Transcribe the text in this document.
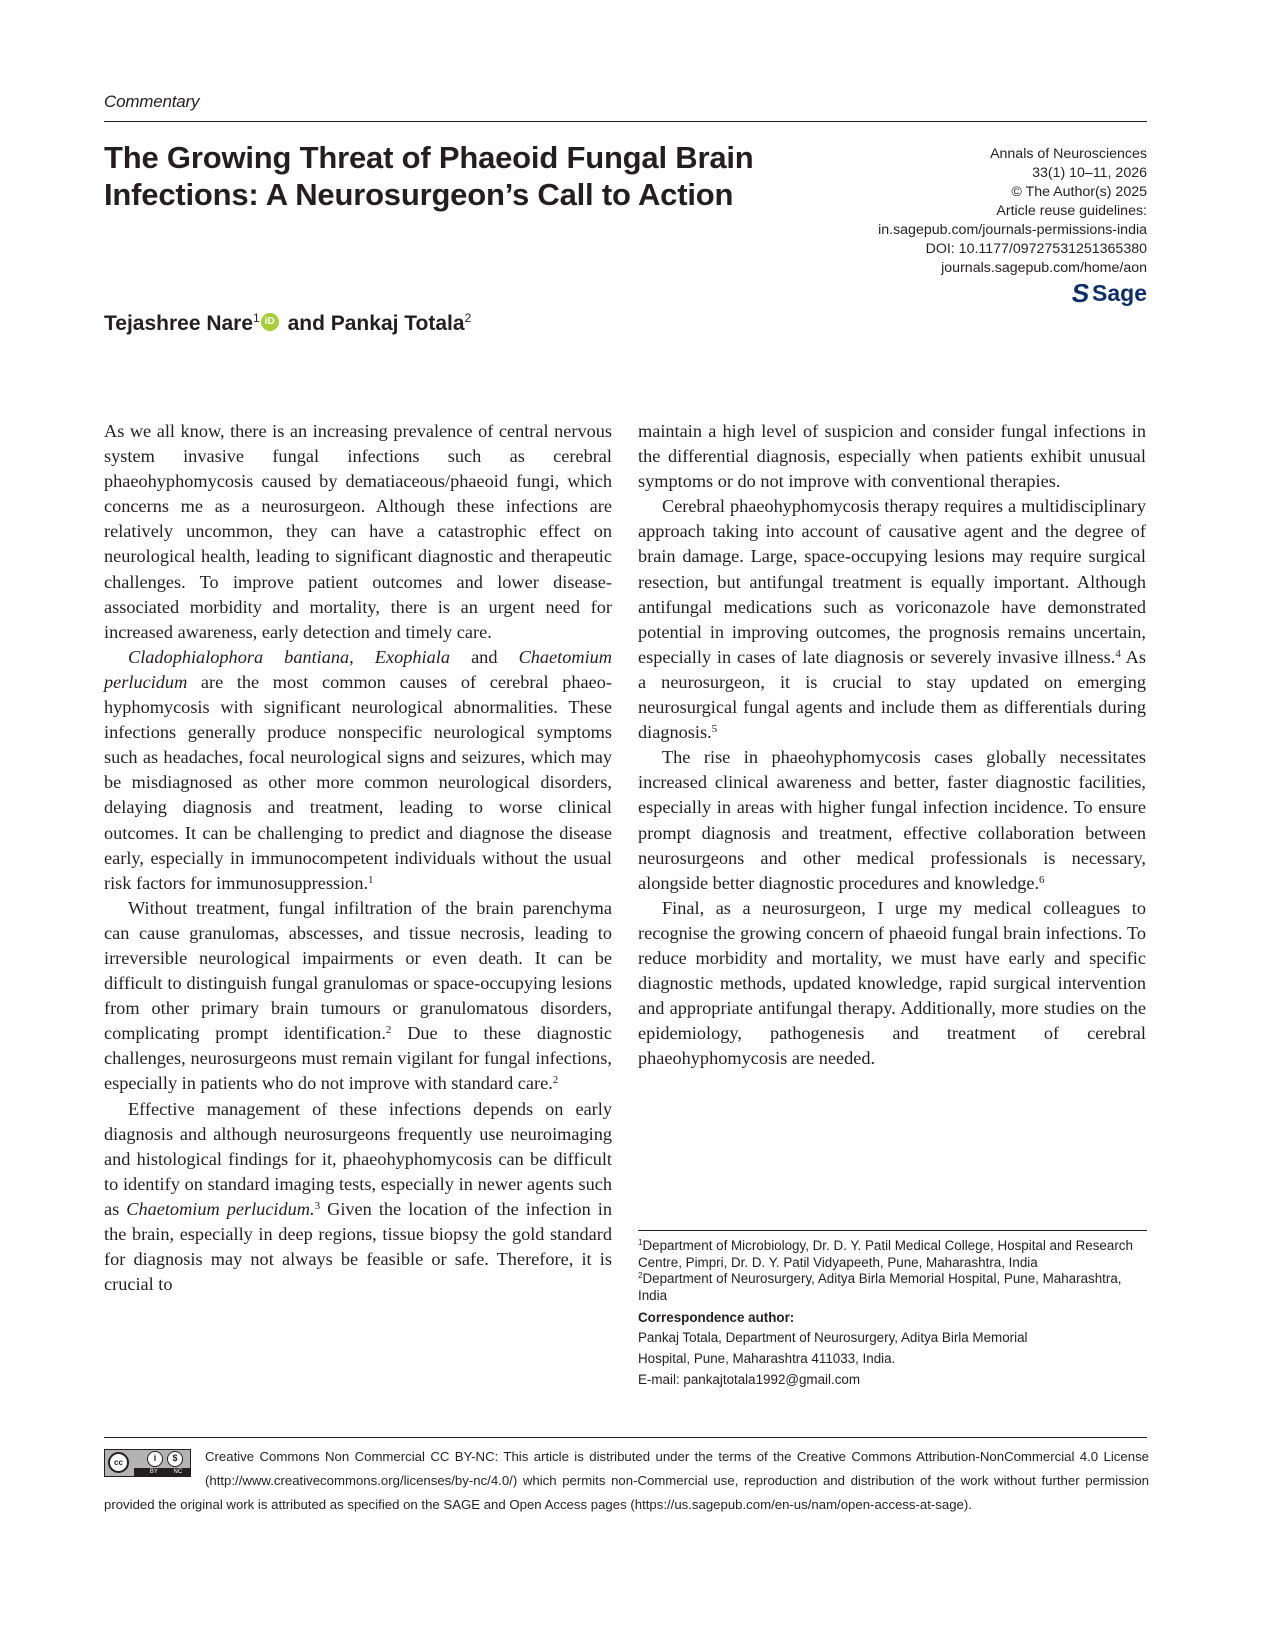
Commentary
The Growing Threat of Phaeoid Fungal Brain Infections: A Neurosurgeon’s Call to Action
Annals of Neurosciences
33(1) 10–11, 2026
© The Author(s) 2025
Article reuse guidelines:
in.sagepub.com/journals-permissions-india
DOI: 10.1177/09727531251365380
journals.sagepub.com/home/aon
S Sage
Tejashree Nare$^1$ iD and Pankaj Totala$^2$

As we all know, there is an increasing prevalence of central nervous system invasive fungal infections such as cerebral phaeohyphomycosis caused by dematiaceous/phaeoid fungi, which concerns me as a neurosurgeon. Although these infections are relatively uncommon, they can have a catastrophic effect on neurological health, leading to significant diagnostic and therapeutic challenges. To improve patient outcomes and lower disease-associated morbidity and mortality, there is an urgent need for increased awareness, early detection and timely care.

Cladophialophora bantiana, Exophiala and Chaetomium perlucidum are the most common causes of cerebral phaeohyphomycosis with significant neurological abnormalities. These infections generally produce nonspecific neurological symptoms such as headaches, focal neurological signs and seizures, which may be misdiagnosed as other more common neurological disorders, delaying diagnosis and treatment, leading to worse clinical outcomes. It can be challenging to predict and diagnose the disease early, especially in immunocompetent individuals without the usual risk factors for immunosuppression.$^1$

Without treatment, fungal infiltration of the brain parenchyma can cause granulomas, abscesses, and tissue necrosis, leading to irreversible neurological impairments or even death. It can be difficult to distinguish fungal granulomas or space-occupying lesions from other primary brain tumours or granulomatous disorders, complicating prompt identification.$^2$ Due to these diagnostic challenges, neurosurgeons must remain vigilant for fungal infections, especially in patients who do not improve with standard care.$^2$

Effective management of these infections depends on early diagnosis and although neurosurgeons frequently use neuroimaging and histological findings for it, phaeohyphomycosis can be difficult to identify on standard imaging tests, especially in newer agents such as Chaetomium perlucidum.$^3$ Given the location of the infection in the brain, especially in deep regions, tissue biopsy the gold standard for diagnosis may not always be feasible or safe. Therefore, it is crucial to

maintain a high level of suspicion and consider fungal infections in the differential diagnosis, especially when patients exhibit unusual symptoms or do not improve with conventional therapies.

Cerebral phaeohyphomycosis therapy requires a multidisciplinary approach taking into account of causative agent and the degree of brain damage. Large, space-occupying lesions may require surgical resection, but antifungal treatment is equally important. Although antifungal medications such as voriconazole have demonstrated potential in improving outcomes, the prognosis remains uncertain, especially in cases of late diagnosis or severely invasive illness.$^4$ As a neurosurgeon, it is crucial to stay updated on emerging neurosurgical fungal agents and include them as differentials during diagnosis.$^5$

The rise in phaeohyphomycosis cases globally necessitates increased clinical awareness and better, faster diagnostic facilities, especially in areas with higher fungal infection incidence. To ensure prompt diagnosis and treatment, effective collaboration between neurosurgeons and other medical professionals is necessary, alongside better diagnostic procedures and knowledge.$^6$

Final, as a neurosurgeon, I urge my medical colleagues to recognise the growing concern of phaeoid fungal brain infections. To reduce morbidity and mortality, we must have early and specific diagnostic methods, updated knowledge, rapid surgical intervention and appropriate antifungal therapy. Additionally, more studies on the epidemiology, pathogenesis and treatment of cerebral phaeohyphomycosis are needed.

$^1$Department of Microbiology, Dr. D. Y. Patil Medical College, Hospital and Research Centre, Pimpri, Dr. D. Y. Patil Vidyapeeth, Pune, Maharashtra, India
$^2$Department of Neurosurgery, Aditya Birla Memorial Hospital, Pune, Maharashtra, India
Correspondence author:
Pankaj Totala, Department of Neurosurgery, Aditya Birla Memorial
Hospital, Pune, Maharashtra 411033, India.
E-mail: pankajtotala1992@gmail.com
cc	i	$
BY	NC
Creative Commons Non Commercial CC BY-NC: This article is distributed under the terms of the Creative Commons Attribution-NonCommercial 4.0 License (http://www.creativecommons.org/licenses/by-nc/4.0/) which permits non-Commercial use, reproduction and distribution of the work without further permission provided the original work is attributed as specified on the SAGE and Open Access pages (https://us.sagepub.com/en-us/nam/open-access-at-sage).
